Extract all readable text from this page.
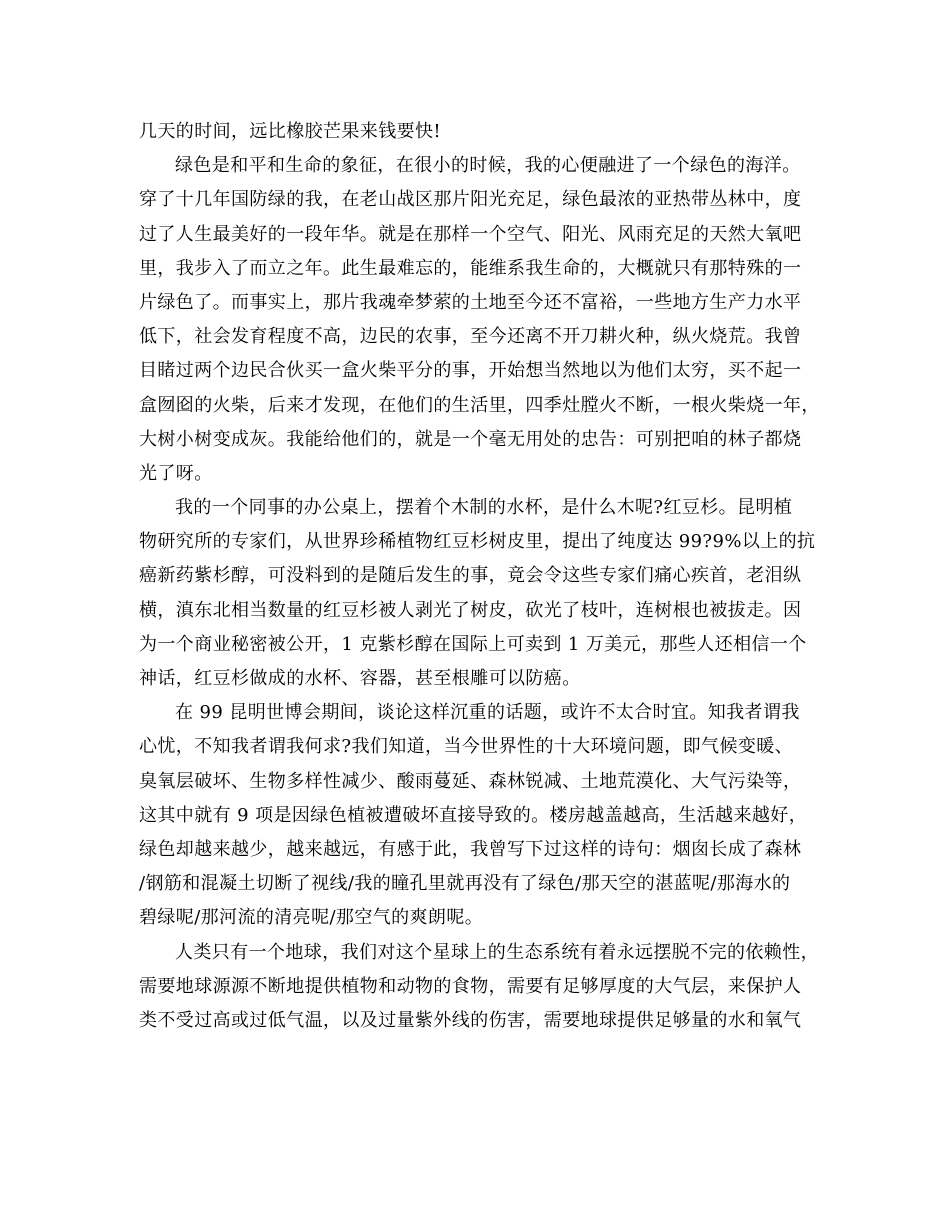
几天的时间，远比橡胶芒果来钱要快!
绿色是和平和生命的象征，在很小的时候，我的心便融进了一个绿色的海洋。
穿了十几年国防绿的我，在老山战区那片阳光充足，绿色最浓的亚热带丛林中，度
过了人生最美好的一段年华。就是在那样一个空气、阳光、风雨充足的天然大氧吧
里，我步入了而立之年。此生最难忘的，能维系我生命的，大概就只有那特殊的一
片绿色了。而事实上，那片我魂牵梦萦的土地至今还不富裕，一些地方生产力水平
低下，社会发育程度不高，边民的农事，至今还离不开刀耕火种，纵火烧荒。我曾
目睹过两个边民合伙买一盒火柴平分的事，开始想当然地以为他们太穷，买不起一
盒囫囵的火柴，后来才发现，在他们的生活里，四季灶膛火不断，一根火柴烧一年，
大树小树变成灰。我能给他们的，就是一个毫无用处的忠告：可别把咱的林子都烧
光了呀。
我的一个同事的办公桌上，摆着个木制的水杯，是什么木呢?红豆杉。昆明植
物研究所的专家们，从世界珍稀植物红豆杉树皮里，提出了纯度达 99?9%以上的抗
癌新药紫杉醇，可没料到的是随后发生的事，竟会令这些专家们痛心疾首，老泪纵
横，滇东北相当数量的红豆杉被人剥光了树皮，砍光了枝叶，连树根也被拔走。因
为一个商业秘密被公开，1 克紫杉醇在国际上可卖到 1 万美元，那些人还相信一个
神话，红豆杉做成的水杯、容器，甚至根雕可以防癌。
在 99 昆明世博会期间，谈论这样沉重的话题，或许不太合时宜。知我者谓我
心忧，不知我者谓我何求?我们知道，当今世界性的十大环境问题，即气候变暖、
臭氧层破坏、生物多样性减少、酸雨蔓延、森林锐减、土地荒漠化、大气污染等，
这其中就有 9 项是因绿色植被遭破坏直接导致的。楼房越盖越高，生活越来越好，
绿色却越来越少，越来越远，有感于此，我曾写下过这样的诗句：烟囱长成了森林
/钢筋和混凝土切断了视线/我的瞳孔里就再没有了绿色/那天空的湛蓝呢/那海水的
碧绿呢/那河流的清亮呢/那空气的爽朗呢。
人类只有一个地球，我们对这个星球上的生态系统有着永远摆脱不完的依赖性，
需要地球源源不断地提供植物和动物的食物，需要有足够厚度的大气层，来保护人
类不受过高或过低气温，以及过量紫外线的伤害，需要地球提供足够量的水和氧气
